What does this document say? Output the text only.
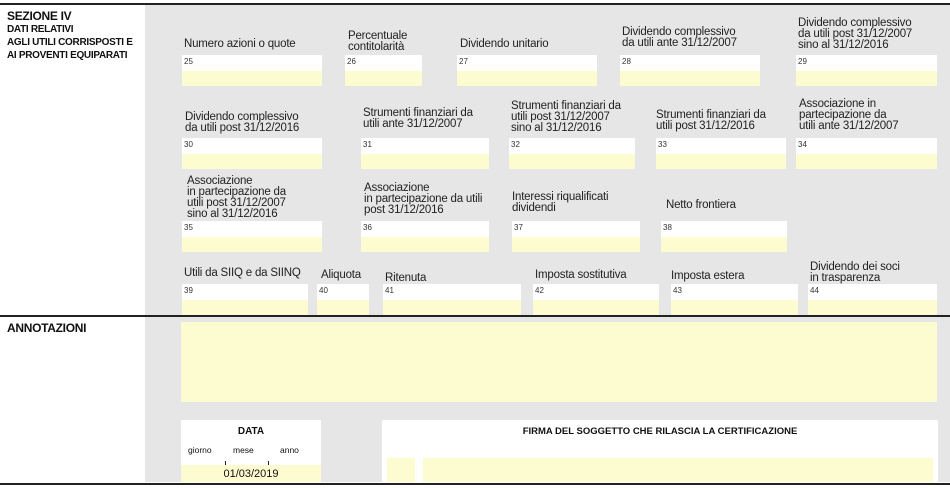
SEZIONE IV
DATI RELATIVI
AGLI UTILI CORRISPOSTI E
AI PROVENTI EQUIPARATI
Numero azioni o quote
25
Percentuale
contitolarità
26
Dividendo unitario
27
Dividendo complessivo
da utili ante 31/12/2007
28
Dividendo complessivo
da utili post 31/12/2007
sino al 31/12/2016
29
Dividendo complessivo
da utili post 31/12/2016
30
Strumenti finanziari da
utili ante 31/12/2007
31
Strumenti finanziari da
utili post 31/12/2007
sino al 31/12/2016
32
Strumenti finanziari da
utili post 31/12/2016
33
Associazione in
partecipazione da
utili ante 31/12/2007
34
Associazione
in partecipazione da
utili post 31/12/2007
sino al 31/12/2016
35
Associazione
in partecipazione da utili
post 31/12/2016
36
Interessi riqualificati
dividendi
37
Netto frontiera
38
Utili da SIIQ e da SIINQ
39
Aliquota
40
Ritenuta
41
Imposta sostitutiva
42
Imposta estera
43
Dividendo dei soci
in trasparenza
44
ANNOTAZIONI
DATA
giorno	mese	anno
01/03/2019
FIRMA DEL SOGGETTO CHE RILASCIA LA CERTIFICAZIONE
